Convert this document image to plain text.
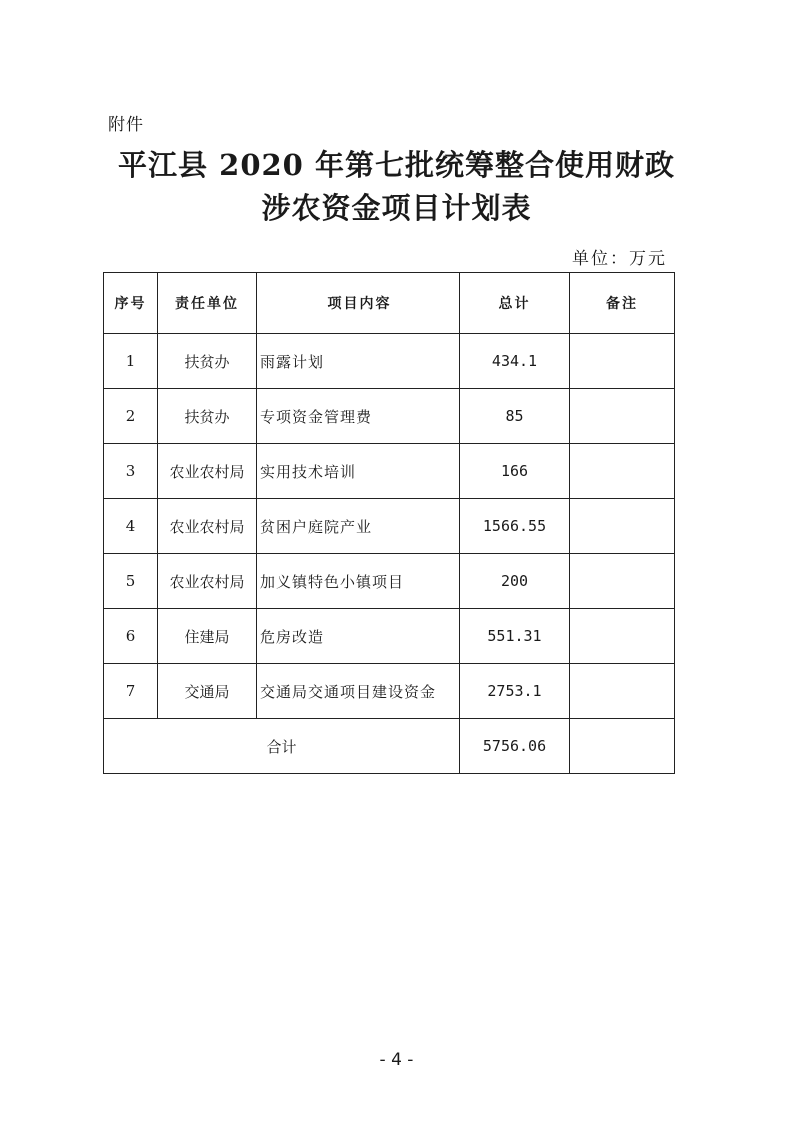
附件
平江县 2020 年第七批统筹整合使用财政
涉农资金项目计划表
单位：万元
序号	责任单位	项目内容	总计	备注
1	扶贫办	雨露计划	434.1	
2	扶贫办	专项资金管理费	85	
3	农业农村局	实用技术培训	166	
4	农业农村局	贫困户庭院产业	1566.55	
5	农业农村局	加义镇特色小镇项目	200	
6	住建局	危房改造	551.31	
7	交通局	交通局交通项目建设资金	2753.1	
合计			5756.06	
- 4 -
